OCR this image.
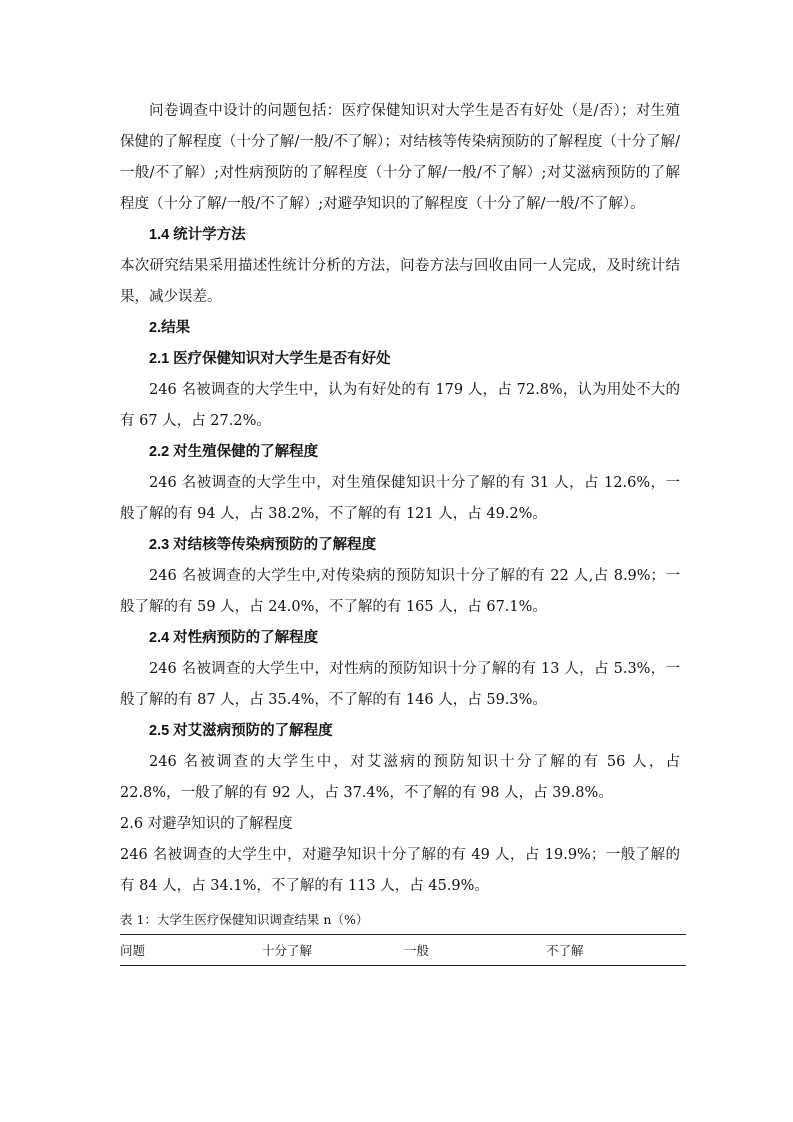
问卷调查中设计的问题包括：医疗保健知识对大学生是否有好处（是/否）；对生殖保健的了解程度（十分了解/一般/不了解）；对结核等传染病预防的了解程度（十分了解/一般/不了解）;对性病预防的了解程度（十分了解/一般/不了解）;对艾滋病预防的了解程度（十分了解/一般/不了解）;对避孕知识的了解程度（十分了解/一般/不了解）。

1.4 统计学方法

本次研究结果采用描述性统计分析的方法，问卷方法与回收由同一人完成，及时统计结果，减少误差。

2.结果
2.1 医疗保健知识对大学生是否有好处

246 名被调查的大学生中，认为有好处的有 179 人，占 72.8%，认为用处不大的有 67 人，占 27.2%。

2.2 对生殖保健的了解程度

246 名被调查的大学生中，对生殖保健知识十分了解的有 31 人，占 12.6%，一般了解的有 94 人，占 38.2%，不了解的有 121 人，占 49.2%。

2.3 对结核等传染病预防的了解程度

246 名被调查的大学生中,对传染病的预防知识十分了解的有 22 人,占 8.9%；一般了解的有 59 人，占 24.0%，不了解的有 165 人，占 67.1%。

2.4 对性病预防的了解程度

246 名被调查的大学生中，对性病的预防知识十分了解的有 13 人，占 5.3%，一般了解的有 87 人，占 35.4%，不了解的有 146 人，占 59.3%。

2.5 对艾滋病预防的了解程度

246 名被调查的大学生中，对艾滋病的预防知识十分了解的有 56 人，占 22.8%，一般了解的有 92 人，占 37.4%，不了解的有 98 人，占 39.8%。

2.6 对避孕知识的了解程度

246 名被调查的大学生中，对避孕知识十分了解的有 49 人，占 19.9%；一般了解的有 84 人，占 34.1%，不了解的有 113 人，占 45.9%。

表 1：大学生医疗保健知识调查结果 n（%）

问题	十分了解	一般	不了解
